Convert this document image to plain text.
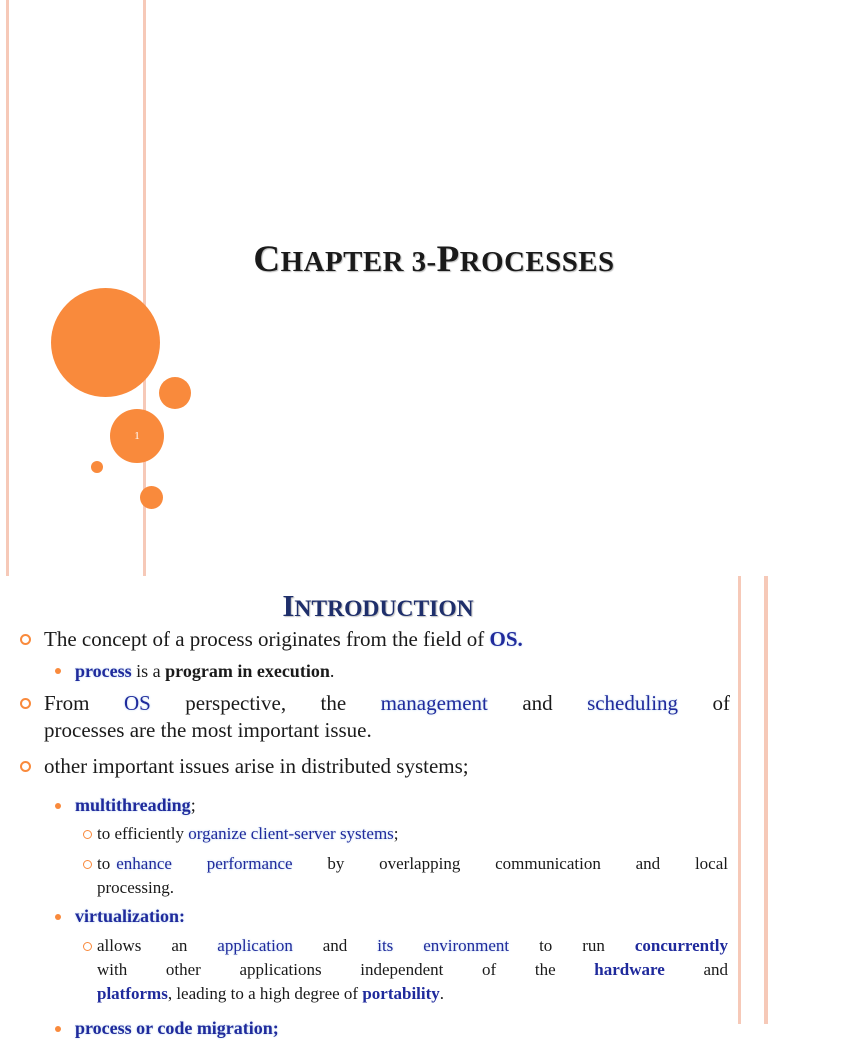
1
CHAPTER 3-PROCESSES
INTRODUCTION
The concept of a process originates from the field of OS.
process is a program in execution.
From OS perspective, the management and scheduling of
processes are the most important issue.
other important issues arise in distributed systems;
multithreading;
to efficiently organize client-server systems;
to enhance performance by overlapping communication and local
processing.
virtualization:
allows an application and its environment to run concurrently
with other applications independent of the hardware and
platforms, leading to a high degree of portability.
process or code migration;
